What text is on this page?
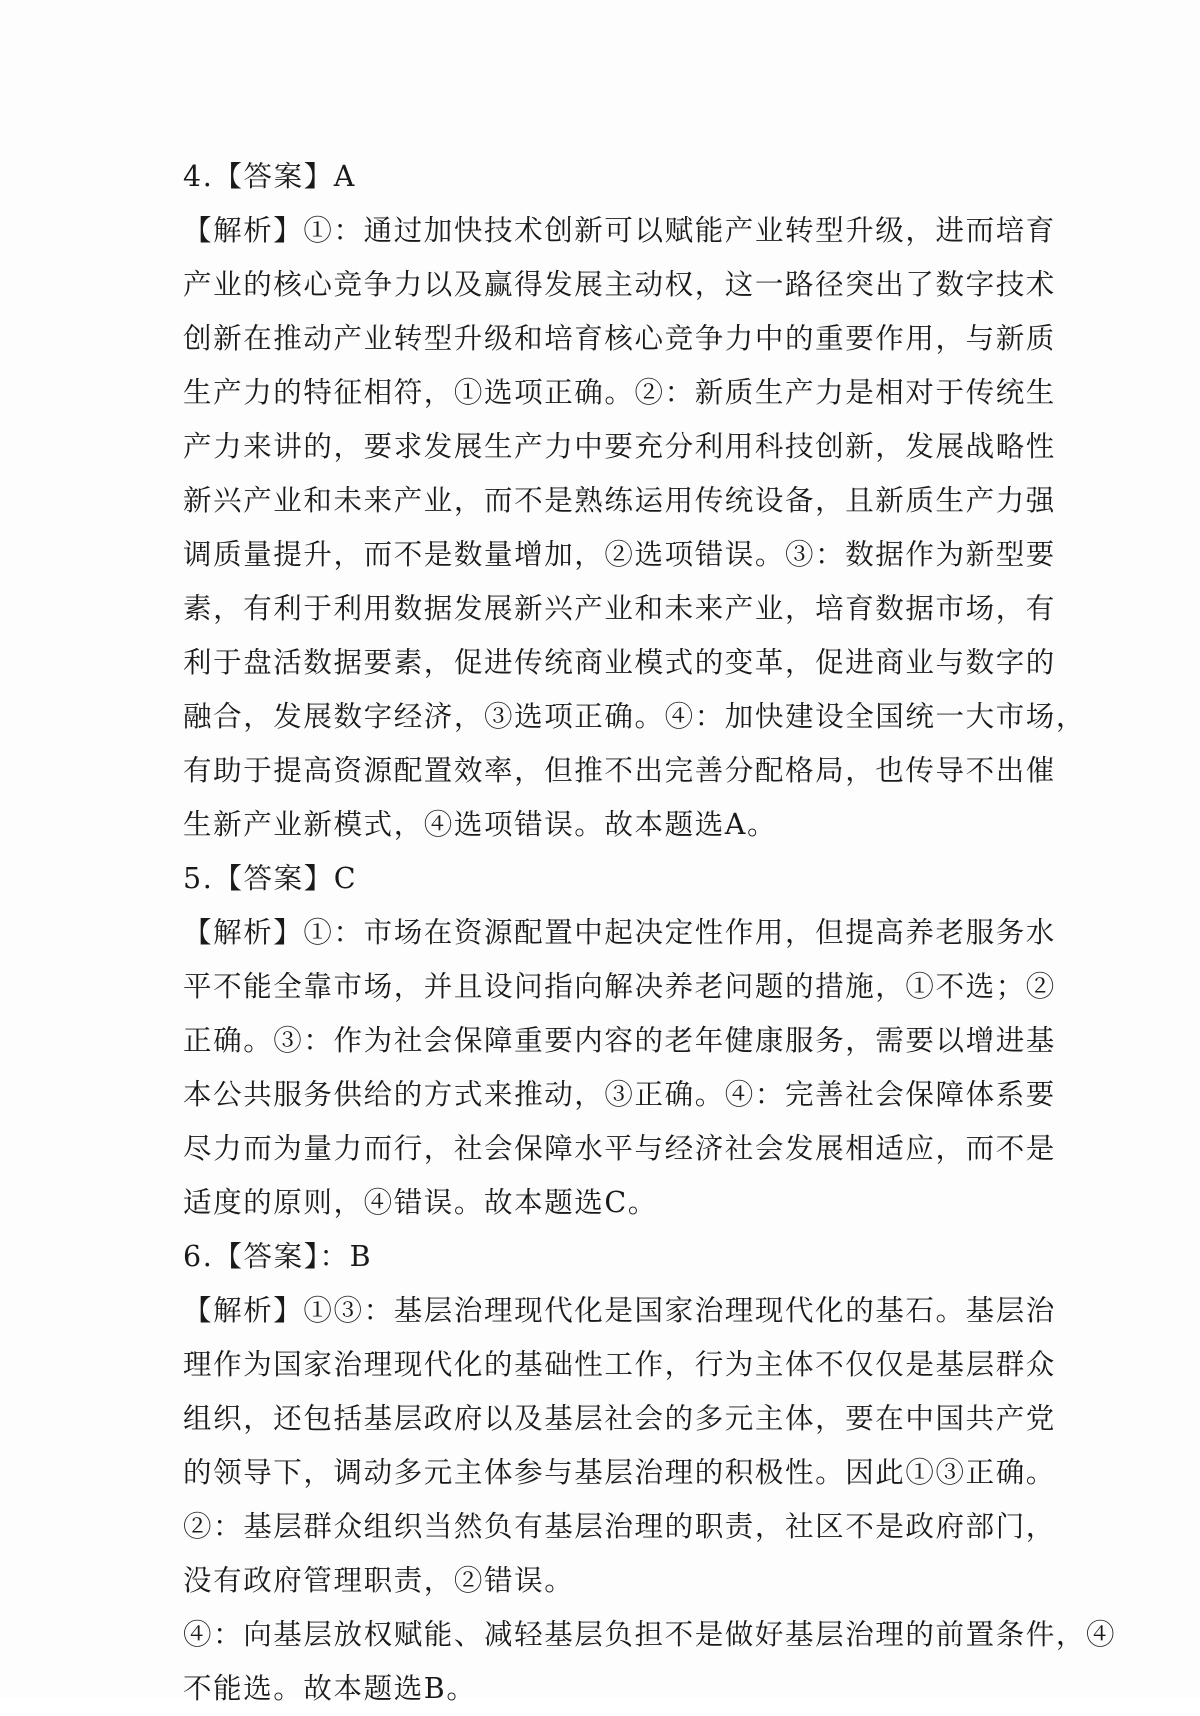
4.【答案】A
【解析】①：通过加快技术创新可以赋能产业转型升级，进而培育
产业的核心竞争力以及赢得发展主动权，这一路径突出了数字技术
创新在推动产业转型升级和培育核心竞争力中的重要作用，与新质
生产力的特征相符，①选项正确。②：新质生产力是相对于传统生
产力来讲的，要求发展生产力中要充分利用科技创新，发展战略性
新兴产业和未来产业，而不是熟练运用传统设备，且新质生产力强
调质量提升，而不是数量增加，②选项错误。③：数据作为新型要
素，有利于利用数据发展新兴产业和未来产业，培育数据市场，有
利于盘活数据要素，促进传统商业模式的变革，促进商业与数字的
融合，发展数字经济，③选项正确。④：加快建设全国统一大市场，
有助于提高资源配置效率，但推不出完善分配格局，也传导不出催
生新产业新模式，④选项错误。故本题选A。
5.【答案】C
【解析】①：市场在资源配置中起决定性作用，但提高养老服务水
平不能全靠市场，并且设问指向解决养老问题的措施，①不选；②
正确。③：作为社会保障重要内容的老年健康服务，需要以增进基
本公共服务供给的方式来推动，③正确。④：完善社会保障体系要
尽力而为量力而行，社会保障水平与经济社会发展相适应，而不是
适度的原则，④错误。故本题选C。
6.【答案】：B
【解析】①③：基层治理现代化是国家治理现代化的基石。基层治
理作为国家治理现代化的基础性工作，行为主体不仅仅是基层群众
组织，还包括基层政府以及基层社会的多元主体，要在中国共产党
的领导下，调动多元主体参与基层治理的积极性。因此①③正确。
②：基层群众组织当然负有基层治理的职责，社区不是政府部门，
没有政府管理职责，②错误。
④：向基层放权赋能、减轻基层负担不是做好基层治理的前置条件，④
不能选。故本题选B。
